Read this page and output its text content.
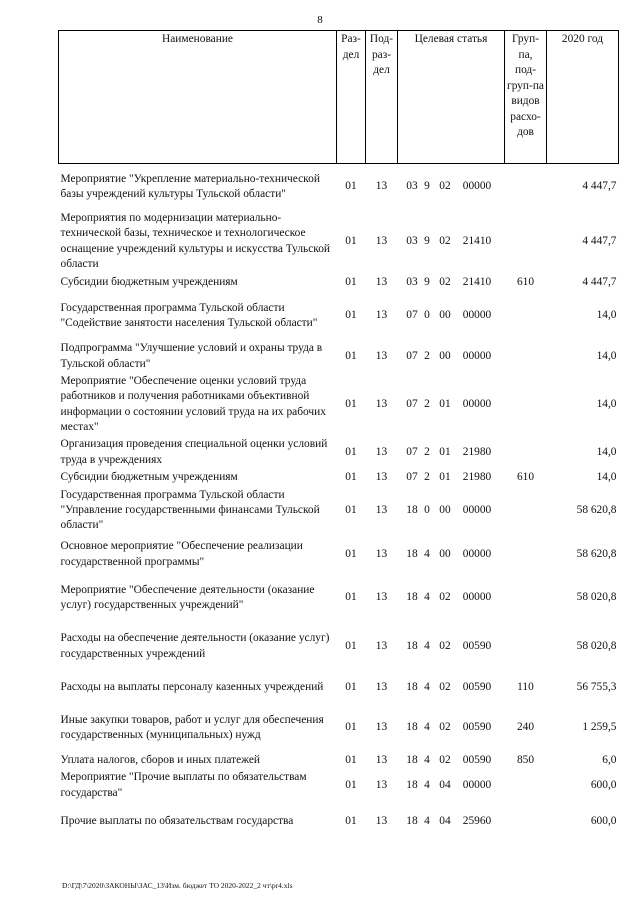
8
Наименование	Раз-дел	Под-раз-дел	Целевая статья	Груп-па, под-груп-па видов расхо-дов	2020 год
Мероприятие "Укрепление материально-технической базы учреждений культуры Тульской области"	01	13	03 9 02 00000		4 447,7
Мероприятия по модернизации материально-технической базы, техническое и технологическое оснащение учреждений культуры и искусства Тульской области	01	13	03 9 02 21410		4 447,7
Субсидии бюджетным учреждениям	01	13	03 9 02 21410	610	4 447,7
Государственная программа Тульской области "Содействие занятости населения Тульской области"	01	13	07 0 00 00000		14,0
Подпрограмма "Улучшение условий и охраны труда в Тульской области"	01	13	07 2 00 00000		14,0
Мероприятие "Обеспечение оценки условий труда работников и получения работниками объективной информации о состоянии условий труда на их рабочих местах"	01	13	07 2 01 00000		14,0
Организация проведения специальной оценки условий труда в учреждениях	01	13	07 2 01 21980		14,0
Субсидии бюджетным учреждениям	01	13	07 2 01 21980	610	14,0
Государственная программа Тульской области "Управление государственными финансами Тульской области"	01	13	18 0 00 00000		58 620,8
Основное мероприятие "Обеспечение реализации государственной программы"	01	13	18 4 00 00000		58 620,8
Мероприятие "Обеспечение деятельности (оказание услуг) государственных учреждений"	01	13	18 4 02 00000		58 020,8
Расходы на обеспечение деятельности (оказание услуг) государственных учреждений	01	13	18 4 02 00590		58 020,8
Расходы на выплаты персоналу казенных учреждений	01	13	18 4 02 00590	110	56 755,3
Иные закупки товаров, работ и услуг для обеспечения государственных (муниципальных) нужд	01	13	18 4 02 00590	240	1 259,5
Уплата налогов, сборов и иных платежей	01	13	18 4 02 00590	850	6,0
Мероприятие "Прочие выплаты по обязательствам государства"	01	13	18 4 04 00000		600,0
Прочие выплаты по обязательствам государства	01	13	18 4 04 25960		600,0
D:\ГД\7\2020\ЗАКОНЫ\ЗАС_13\Изм. бюджет ТО 2020-2022_2 чт\pr4.xls
